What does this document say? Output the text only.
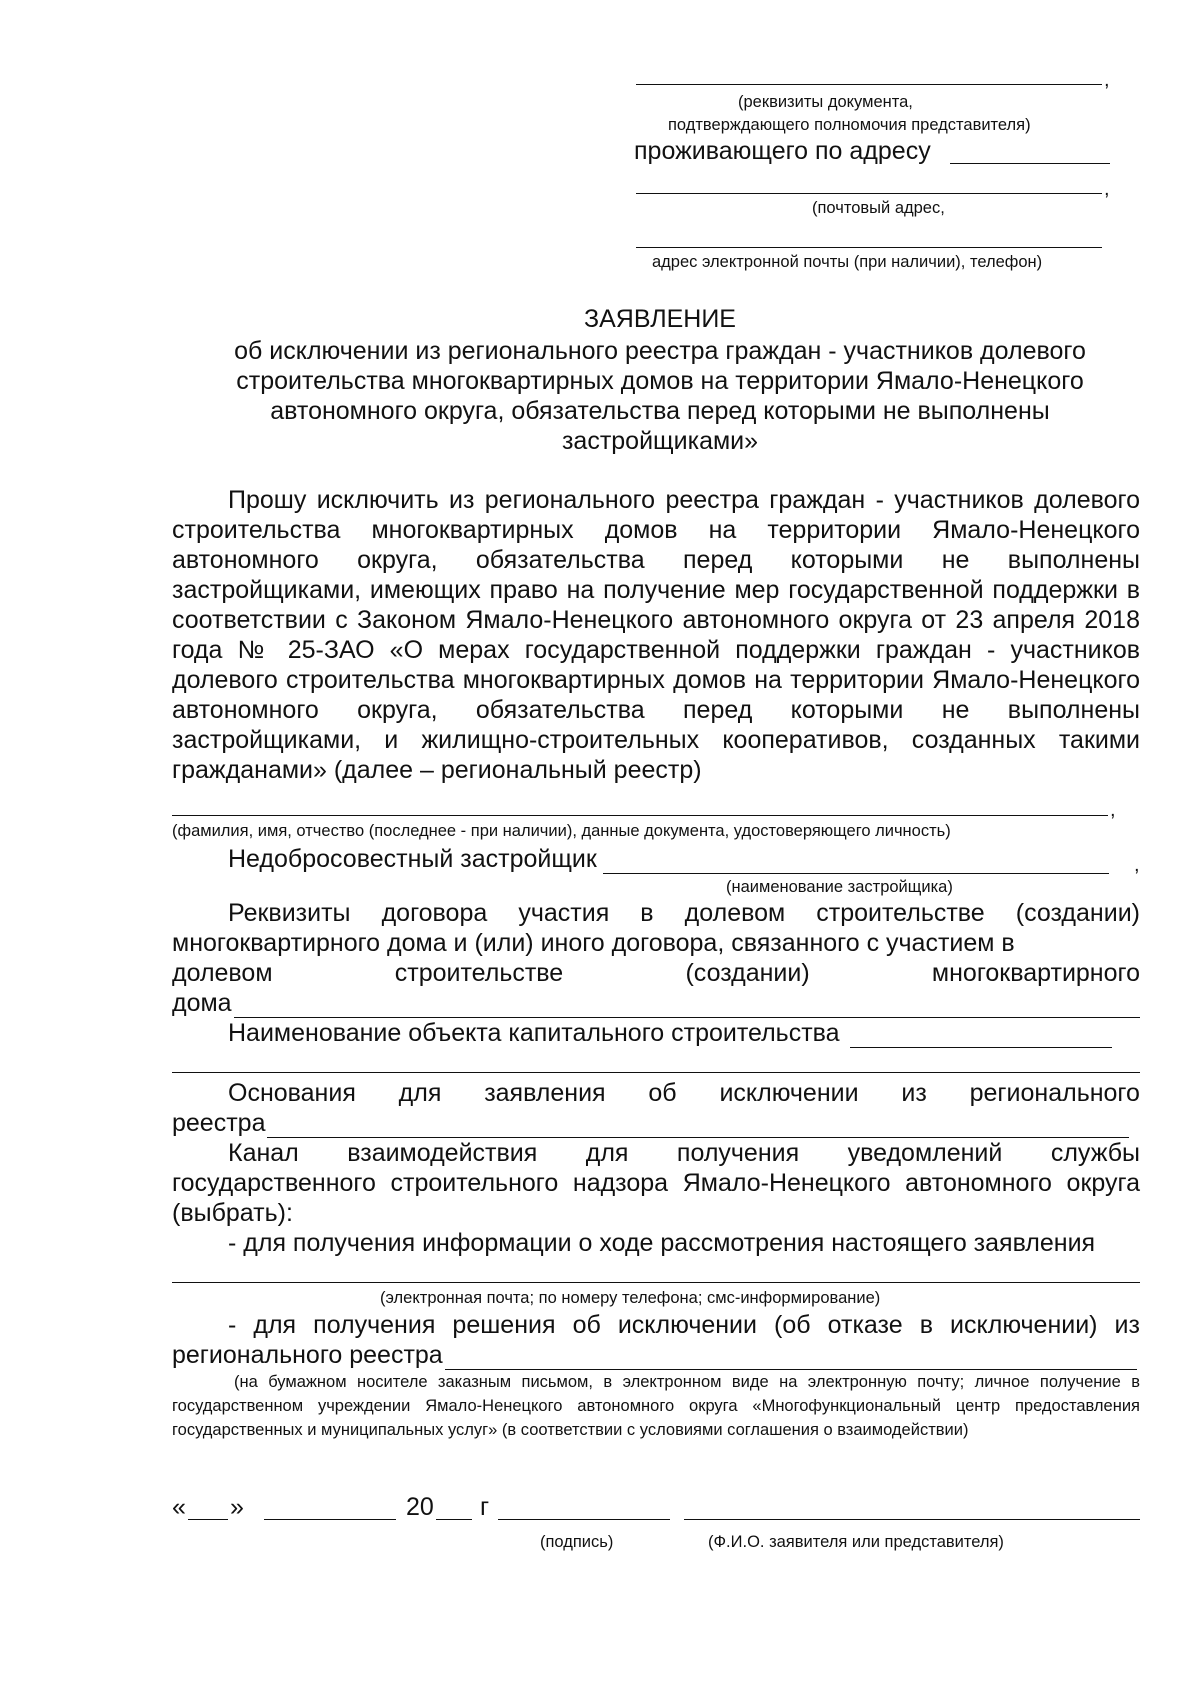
,
(реквизиты документа,
подтверждающего полномочия представителя)
проживающего по адресу
,
(почтовый адрес,
адрес электронной почты (при наличии), телефон)
ЗАЯВЛЕНИЕ
об исключении из регионального реестра граждан - участников долевого
строительства многоквартирных домов на территории Ямало-Ненецкого
автономного округа, обязательства перед которыми не выполнены
застройщиками»

Прошу исключить из регионального реестра граждан - участников долевого строительства многоквартирных домов на территории Ямало-Ненецкого автономного округа, обязательства перед которыми не выполнены застройщиками, имеющих право на получение мер государственной поддержки в соответствии с Законом Ямало-Ненецкого автономного округа от 23 апреля 2018 года № 25-ЗАО «О мерах государственной поддержки граждан - участников долевого строительства многоквартирных домов на территории Ямало-Ненецкого автономного округа, обязательства перед которыми не выполнены застройщиками, и жилищно-строительных кооперативов, созданных такими гражданами» (далее – региональный реестр)

,
(фамилия, имя, отчество (последнее - при наличии), данные документа, удостоверяющего личность)
Недобросовестный застройщик	,
(наименование застройщика)

Реквизиты договора участия в долевом строительстве (создании) многоквартирного дома и (или) иного договора, связанного с участием в

долевом	строительстве	(создании)	многоквартирного
дома
Наименование объекта капитального строительства
Основания для заявления об исключении из регионального
реестра

Канал взаимодействия для получения уведомлений службы государственного строительного надзора Ямало-Ненецкого автономного округа (выбрать):

- для получения информации о ходе рассмотрения настоящего заявления
(электронная почта; по номеру телефона; смс-информирование)
- для получения решения об исключении (об отказе в исключении) из
регионального реестра

(на бумажном носителе заказным письмом, в электронном виде на электронную почту; личное получение в государственном учреждении Ямало-Ненецкого автономного округа «Многофункциональный центр предоставления государственных и муниципальных услуг» (в соответствии с условиями соглашения о взаимодействии)

« »	20 г
(подпись)	(Ф.И.О. заявителя или представителя)
